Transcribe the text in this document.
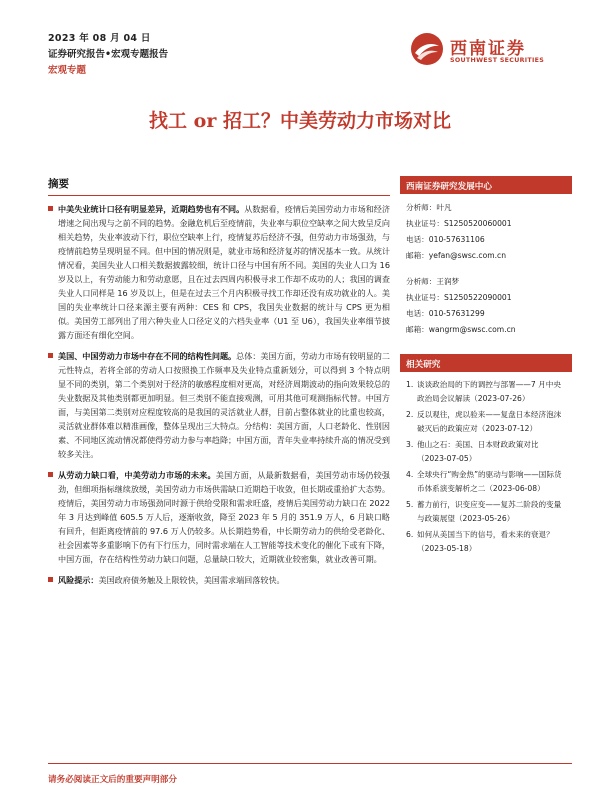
2023 年 08 月 04 日
证券研究报告•宏观专题报告
宏观专题
西南证券
SOUTHWEST SECURITIES
找工 or 招工？中美劳动力市场对比
摘要
中美失业统计口径有明显差异，近期趋势也有不同。从数据看，疫情后美国劳动力市场和经济增速之间出现与之前不同的趋势。金融危机后至疫情前，失业率与职位空缺率之间大致呈反向相关趋势，失业率波动下行，职位空缺率上行，疫情复苏后经济不强，但劳动力市场强劲，与疫情前趋势呈现明显不同。但中国的情况则是，就业市场和经济复苏的情况基本一致。从统计情况看，美国失业人口相关数据披露较细，统计口径与中国有所不同。美国的失业人口为 16 岁及以上，有劳动能力和劳动意愿，且在过去四周内积极寻求工作却不成功的人；我国的调查失业人口同样是 16 岁及以上，但是在过去三个月内积极寻找工作却还没有成功就业的人。美国的失业率统计口径来源主要有两种：CES 和 CPS，我国失业数据的统计与 CPS 更为相似。美国劳工部列出了用六种失业人口径定义的六档失业率（U1 至 U6），我国失业率细节披露方面还有细化空间。
美国、中国劳动力市场中存在不同的结构性问题。总体：美国方面，劳动力市场有较明显的二元性特点，若将全部的劳动人口按照换工作频率及失业特点重新划分，可以得到 3 个特点明显不同的类别，第二个类别对于经济的敏感程度相对更高，对经济周期波动的指向效果较总的失业数据及其他类别都更加明显。但三类别不能直接观测，可用其他可观测指标代替。中国方面，与美国第二类别对应程度较高的是我国的灵活就业人群，目前占整体就业的比重也较高，灵活就业群体难以精准画像，整体呈现出三大特点。分结构：美国方面，人口老龄化、性别因素、不同地区流动情况都使得劳动力参与率趋降；中国方面，青年失业率持续升高的情况受到较多关注。
从劳动力缺口看，中美劳动力市场的未来。美国方面，从最新数据看，美国劳动市场仍较强劲，但细项指标继续放缓，美国劳动力市场供需缺口近期趋于收敛，但长期或重拾扩大态势。疫情后，美国劳动力市场强劲同时源于供给受限和需求旺盛，疫情后美国劳动力缺口在 2022 年 3 月达到峰值 605.5 万人后，逐渐收敛，降至 2023 年 5 月的 351.9 万人，6 月缺口略有回升，但距离疫情前的 97.6 万人仍较多。从长期趋势看，中长期劳动力的供给受老龄化、社会因素等多重影响下仍有下行压力，同时需求端在人工智能等技术变化的催化下或有下降，中国方面，存在结构性劳动力缺口问题，总量缺口较大，近期就业较密集，就业改善可期。
风险提示：美国政府债务触及上限较快，美国需求端回落较快。
西南证券研究发展中心
分析师：叶凡
执业证号：S1250520060001
电话：010-57631106
邮箱：yefan@swsc.com.cn
分析师：王润梦
执业证号：S1250522090001
电话：010-57631299
邮箱：wangrm@swsc.com.cn
相关研究
1. 谈谈政治局的下的调控与部署——7 月中央政治局会议解读（2023-07-26）
2. 反以观往，虎以验来——复盘日本经济泡沫破灭后的政策应对（2023-07-12）
3. 他山之石：美国、日本财政政策对比（2023-07-05）
4. 全球央行“购金热”的驱动与影响——国际货币体系演变解析之二（2023-06-08）
5. 蓄力前行，识变应变——复苏二阶段的变量与政策展望（2023-05-26）
6. 如何从美国当下的信号，看未来的衰退？（2023-05-18）
请务必阅读正文后的重要声明部分
